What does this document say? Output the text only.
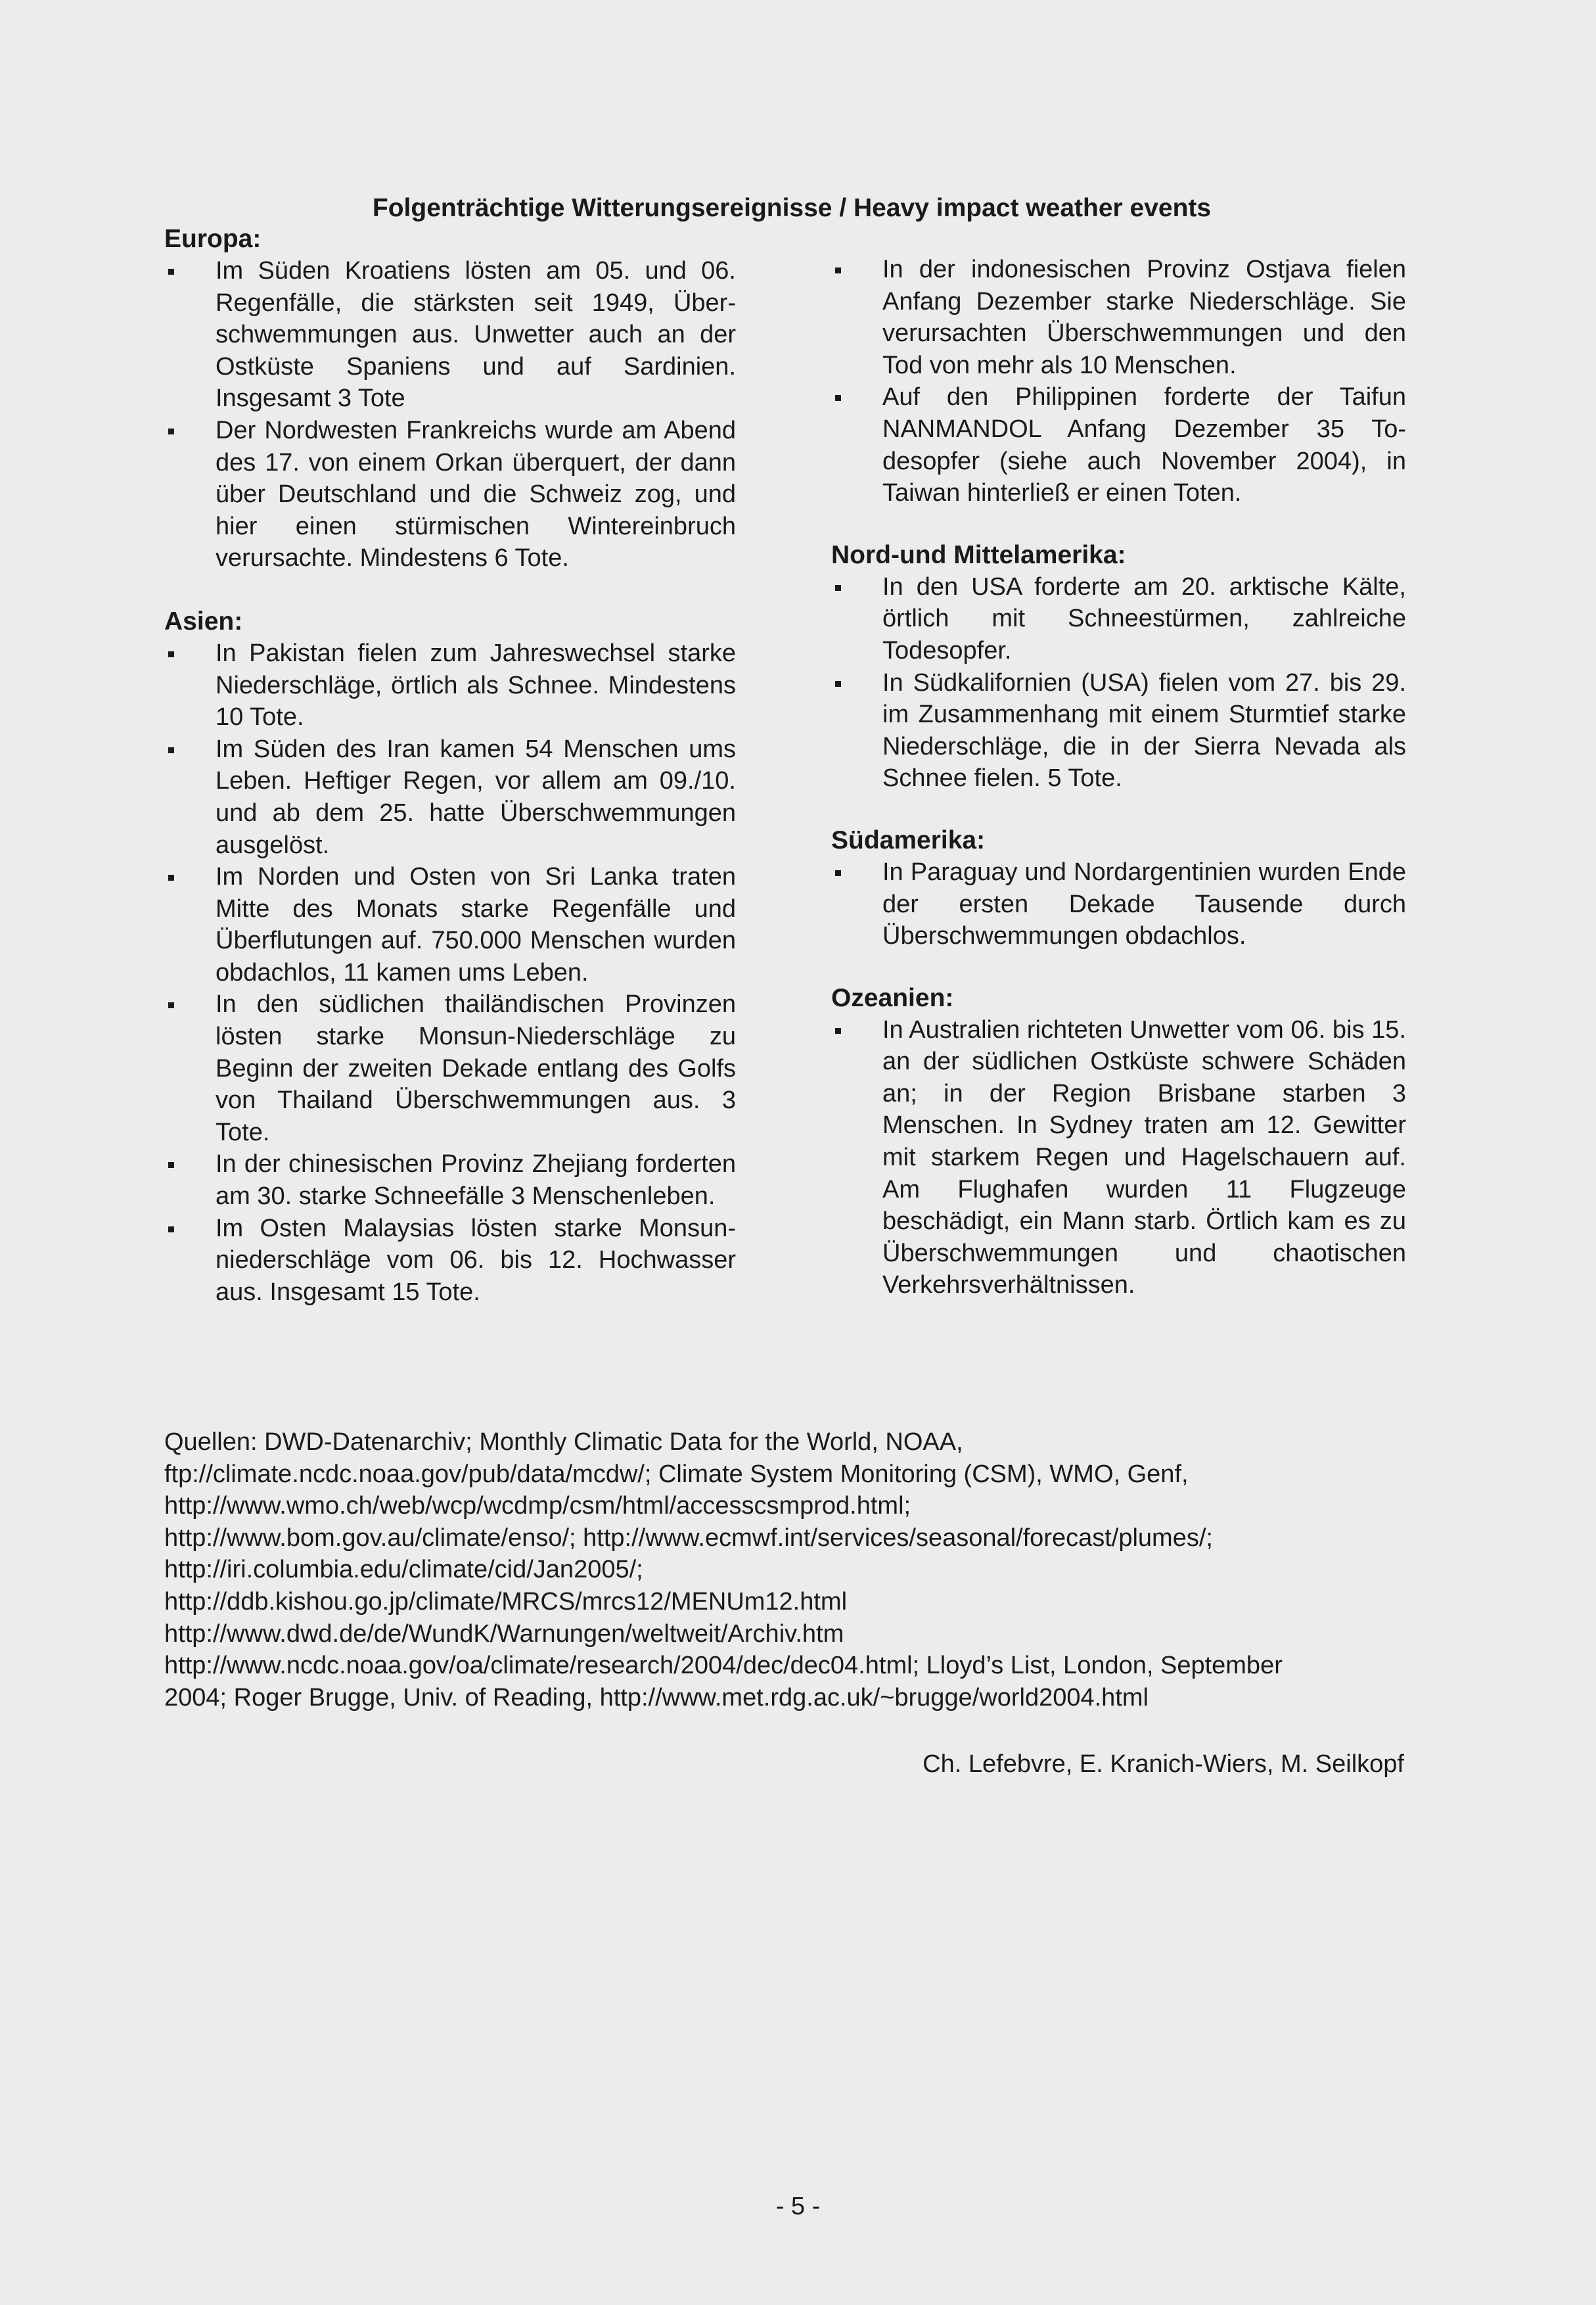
Folgenträchtige Witterungsereignisse / Heavy impact weather events
Europa:
Im Süden Kroatiens lösten am 05. und 06. Regenfälle, die stärksten seit 1949, Überschwemmungen aus. Unwetter auch an der Ostküste Spaniens und auf Sardinien. Insgesamt 3 Tote
Der Nordwesten Frankreichs wurde am Abend des 17. von einem Orkan überquert, der dann über Deutschland und die Schweiz zog, und hier einen stürmischen Wintereinbruch verursachte. Mindestens 6 Tote.
Asien:
In Pakistan fielen zum Jahreswechsel starke Niederschläge, örtlich als Schnee. Mindestens 10 Tote.
Im Süden des Iran kamen 54 Menschen ums Leben. Heftiger Regen, vor allem am 09./10. und ab dem 25. hatte Überschwemmungen ausgelöst.
Im Norden und Osten von Sri Lanka traten Mitte des Monats starke Regenfälle und Überflutungen auf. 750.000 Menschen wurden obdachlos, 11 kamen ums Leben.
In den südlichen thailändischen Provinzen lösten starke Monsun-Niederschläge zu Beginn der zweiten Dekade entlang des Golfs von Thailand Überschwemmungen aus. 3 Tote.
In der chinesischen Provinz Zhejiang forderten am 30. starke Schneefälle 3 Menschenleben.
Im Osten Malaysias lösten starke Monsunniederschläge vom 06. bis 12. Hochwasser aus. Insgesamt 15 Tote.
In der indonesischen Provinz Ostjava fielen Anfang Dezember starke Niederschläge. Sie verursachten Überschwemmungen und den Tod von mehr als 10 Menschen.
Auf den Philippinen forderte der Taifun NANMANDOL Anfang Dezember 35 Todesopfer (siehe auch November 2004), in Taiwan hinterließ er einen Toten.
Nord-und Mittelamerika:
In den USA forderte am 20. arktische Kälte, örtlich mit Schneestürmen, zahlreiche Todesopfer.
In Südkalifornien (USA) fielen vom 27. bis 29. im Zusammenhang mit einem Sturmtief starke Niederschläge, die in der Sierra Nevada als Schnee fielen. 5 Tote.
Südamerika:
In Paraguay und Nordargentinien wurden Ende der ersten Dekade Tausende durch Überschwemmungen obdachlos.
Ozeanien:
In Australien richteten Unwetter vom 06. bis 15. an der südlichen Ostküste schwere Schäden an; in der Region Brisbane starben 3 Menschen. In Sydney traten am 12. Gewitter mit starkem Regen und Hagelschauern auf. Am Flughafen wurden 11 Flugzeuge beschädigt, ein Mann starb. Örtlich kam es zu Überschwemmungen und chaotischen Verkehrsverhältnissen.
Quellen: DWD-Datenarchiv; Monthly Climatic Data for the World, NOAA,
ftp://climate.ncdc.noaa.gov/pub/data/mcdw/; Climate System Monitoring (CSM), WMO, Genf,
http://www.wmo.ch/web/wcp/wcdmp/csm/html/accesscsmprod.html;
http://www.bom.gov.au/climate/enso/; http://www.ecmwf.int/services/seasonal/forecast/plumes/;
http://iri.columbia.edu/climate/cid/Jan2005/;
http://ddb.kishou.go.jp/climate/MRCS/mrcs12/MENUm12.html
http://www.dwd.de/de/WundK/Warnungen/weltweit/Archiv.htm
http://www.ncdc.noaa.gov/oa/climate/research/2004/dec/dec04.html; Lloyd’s List, London, September
2004; Roger Brugge, Univ. of Reading, http://www.met.rdg.ac.uk/~brugge/world2004.html
Ch. Lefebvre, E. Kranich-Wiers, M. Seilkopf
- 5 -
